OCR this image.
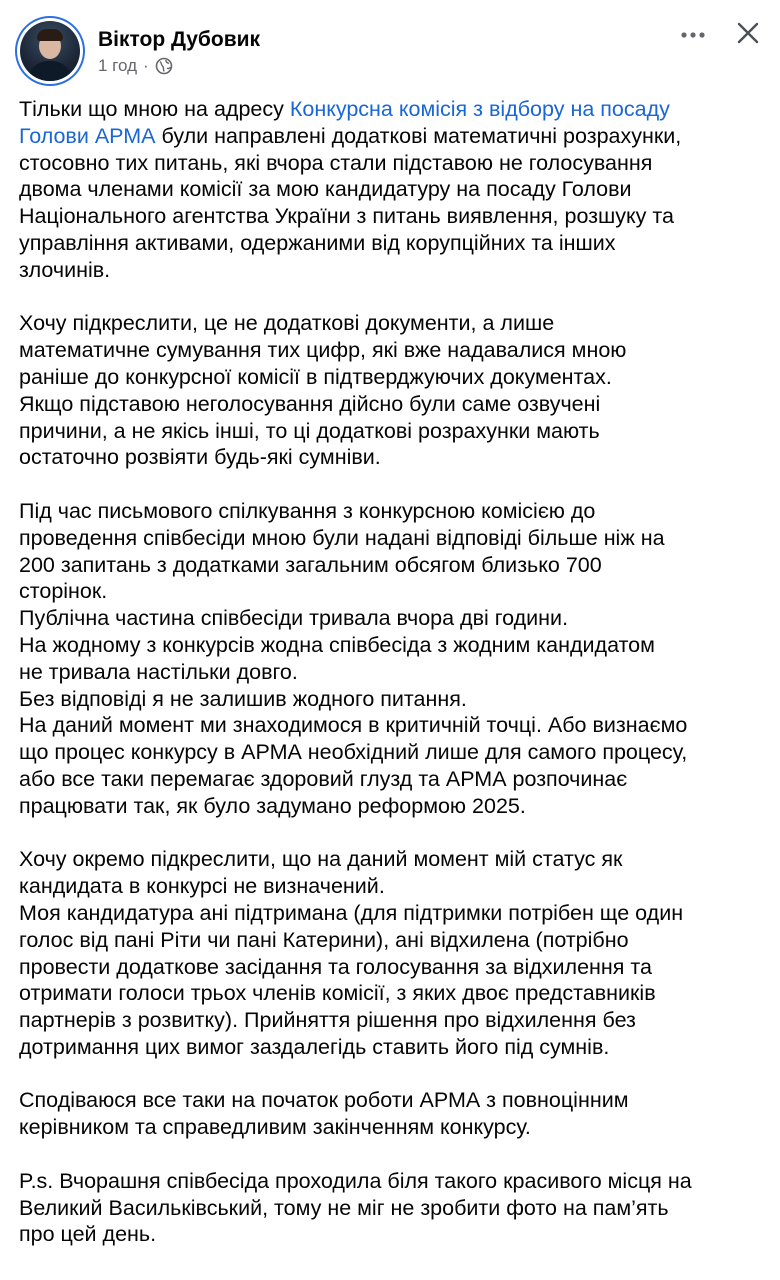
Віктор Дубовик
1 год ·

Тільки що мною на адресу Конкурсна комісія з відбору на посаду
Голови АРМА були направлені додаткові математичні розрахунки,
стосовно тих питань, які вчора стали підставою не голосування
двома членами комісії за мою кандидатуру на посаду Голови
Національного агентства України з питань виявлення, розшуку та
управління активами, одержаними від корупційних та інших
злочинів.

Хочу підкреслити, це не додаткові документи, а лише
математичне сумування тих цифр, які вже надавалися мною
раніше до конкурсної комісії в підтверджуючих документах.
Якщо підставою неголосування дійсно були саме озвучені
причини, а не якісь інші, то ці додаткові розрахунки мають
остаточно розвіяти будь-які сумніви.

Під час письмового спілкування з конкурсною комісією до
проведення співбесіди мною були надані відповіді більше ніж на
200 запитань з додатками загальним обсягом близько 700
сторінок.
Публічна частина співбесіди тривала вчора дві години.
На жодному з конкурсів жодна співбесіда з жодним кандидатом
не тривала настільки довго.
Без відповіді я не залишив жодного питання.
На даний момент ми знаходимося в критичній точці. Або визнаємо
що процес конкурсу в АРМА необхідний лише для самого процесу,
або все таки перемагає здоровий глузд та АРМА розпочинає
працювати так, як було задумано реформою 2025.

Хочу окремо підкреслити, що на даний момент мій статус як
кандидата в конкурсі не визначений.
Моя кандидатура ані підтримана (для підтримки потрібен ще один
голос від пані Ріти чи пані Катерини), ані відхилена (потрібно
провести додаткове засідання та голосування за відхилення та
отримати голоси трьох членів комісії, з яких двоє представників
партнерів з розвитку). Прийняття рішення про відхилення без
дотримання цих вимог заздалегідь ставить його під сумнів.

Сподіваюся все таки на початок роботи АРМА з повноцінним
керівником та справедливим закінченням конкурсу.

P.s. Вчорашня співбесіда проходила біля такого красивого місця на
Великий Васильківський, тому не міг не зробити фото на пам’ять
про цей день.
